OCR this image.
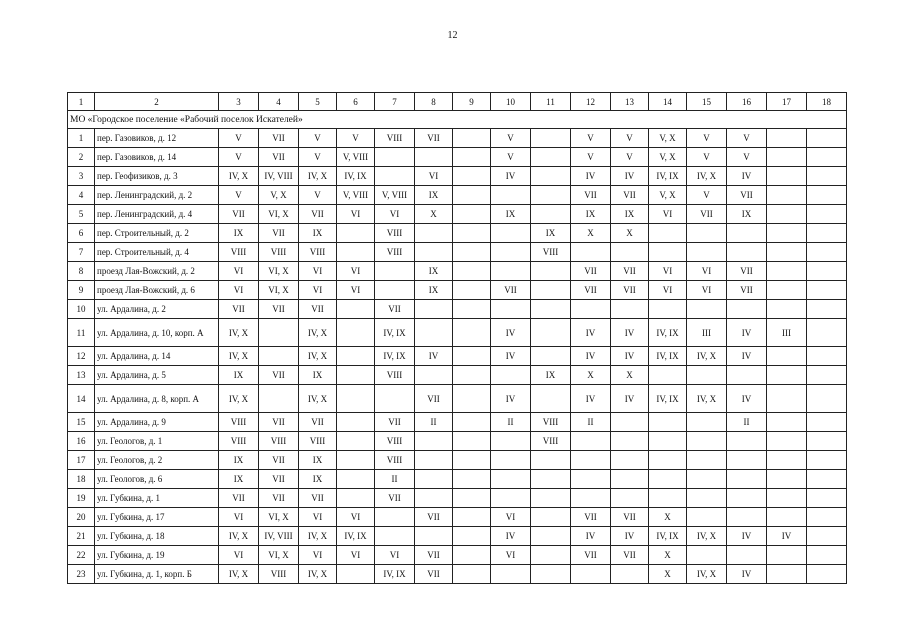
12
1	2	3	4	5	6	7	8	9	10	11	12	13	14	15	16	17	18
МО «Городское поселение «Рабочий поселок Искателей»																	
1	пер. Газовиков, д. 12	V	VII	V	V	VIII	VII		V		V	V	V, X	V	V		
2	пер. Газовиков, д. 14	V	VII	V	V, VIII				V		V	V	V, X	V	V		
3	пер. Геофизиков, д. 3	IV, X	IV, VIII	IV, X	IV, IX		VI		IV		IV	IV	IV, IX	IV, X	IV		
4	пер. Ленинградский, д. 2	V	V, X	V	V, VIII	V, VIII	IX				VII	VII	V, X	V	VII		
5	пер. Ленинградский, д. 4	VII	VI, X	VII	VI	VI	X		IX		IX	IX	VI	VII	IX		
6	пер. Строительный, д. 2	IX	VII	IX		VIII				IX	X	X					
7	пер. Строительный, д. 4	VIII	VIII	VIII		VIII				VIII							
8	проезд Лая-Вожский, д. 2	VI	VI, X	VI	VI		IX				VII	VII	VI	VI	VII		
9	проезд Лая-Вожский, д. 6	VI	VI, X	VI	VI		IX		VII		VII	VII	VI	VI	VII		
10	ул. Ардалина, д. 2	VII	VII	VII		VII											
11	ул. Ардалина, д. 10, корп. А	IV, X		IV, X		IV, IX			IV		IV	IV	IV, IX	III	IV	III	
12	ул. Ардалина, д. 14	IV, X		IV, X		IV, IX	IV		IV		IV	IV	IV, IX	IV, X	IV		
13	ул. Ардалина, д. 5	IX	VII	IX		VIII				IX	X	X					
14	ул. Ардалина, д. 8, корп. А	IV, X		IV, X			VII		IV		IV	IV	IV, IX	IV, X	IV		
15	ул. Ардалина, д. 9	VIII	VII	VII		VII	II		II	VIII	II				II		
16	ул. Геологов, д. 1	VIII	VIII	VIII		VIII				VIII							
17	ул. Геологов, д. 2	IX	VII	IX		VIII											
18	ул. Геологов, д. 6	IX	VII	IX		II											
19	ул. Губкина, д. 1	VII	VII	VII		VII											
20	ул. Губкина, д. 17	VI	VI, X	VI	VI		VII		VI		VII	VII	X				
21	ул. Губкина, д. 18	IV, X	IV, VIII	IV, X	IV, IX				IV		IV	IV	IV, IX	IV, X	IV	IV	
22	ул. Губкина, д. 19	VI	VI, X	VI	VI	VI	VII		VI		VII	VII	X				
23	ул. Губкина, д. 1, корп. Б	IV, X	VIII	IV, X		IV, IX	VII						X	IV, X	IV		
